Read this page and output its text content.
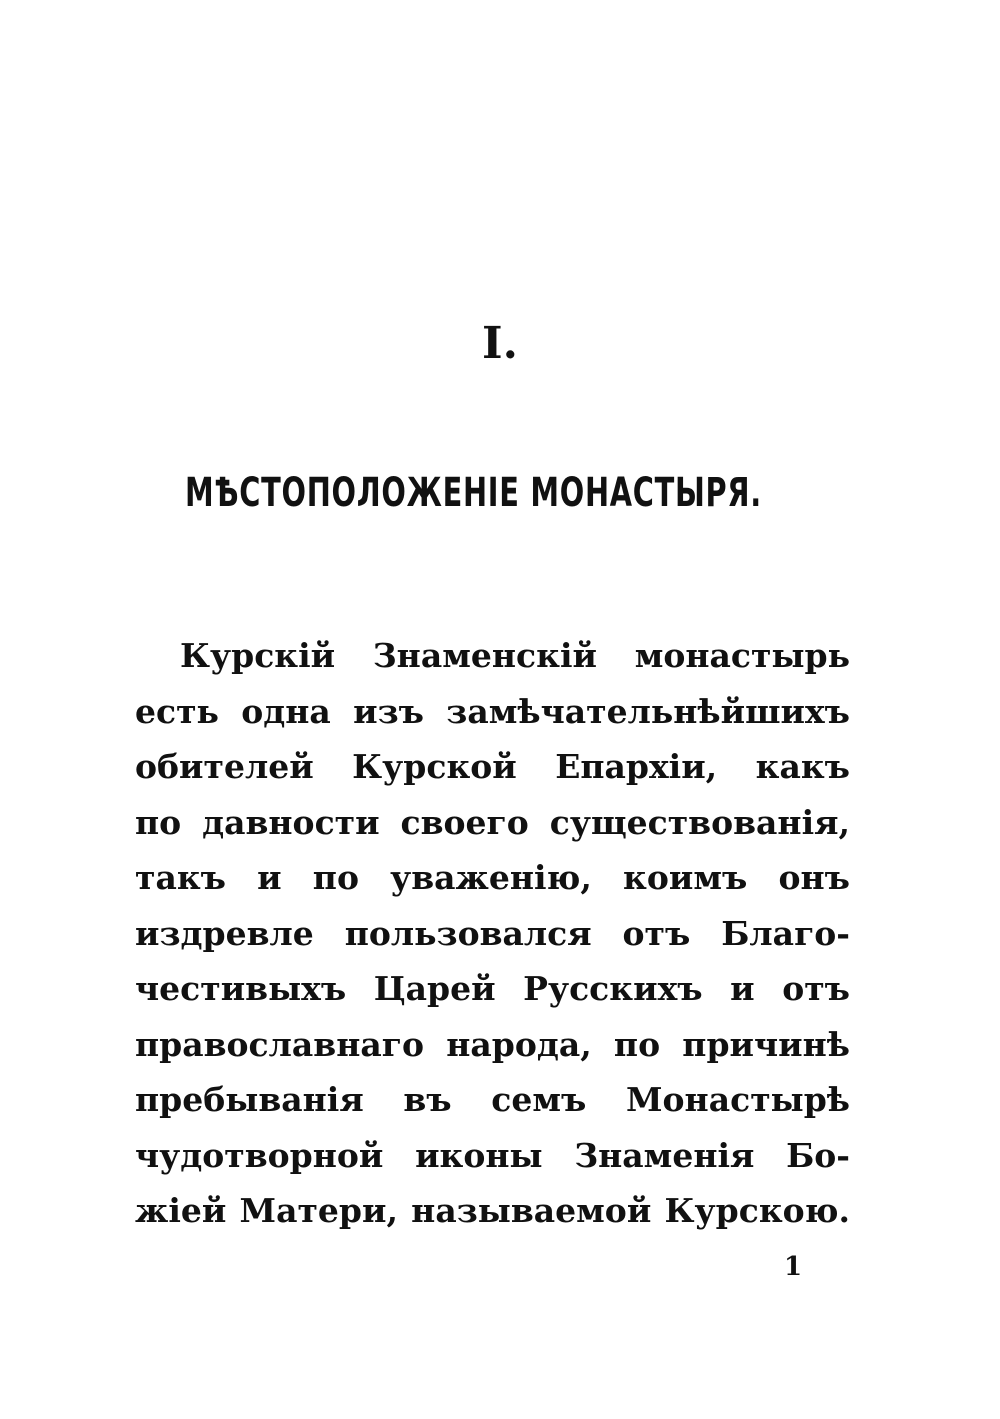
I.
МѢСТОПОЛОЖЕНІЕ МОНАСТЫРЯ.
Курскій Знаменскій монастырь
есть одна изъ замѣчательнѣйшихъ
обителей Курской Епархіи, какъ
по давности своего существованія,
такъ и по уваженію, коимъ онъ
издревле пользовался отъ Благо-
честивыхъ Царей Русскихъ и отъ
православнаго народа, по причинѣ
пребыванія въ семъ Монастырѣ
чудотворной иконы Знаменія Бо-
жіей Матери, называемой Курскою.
1
